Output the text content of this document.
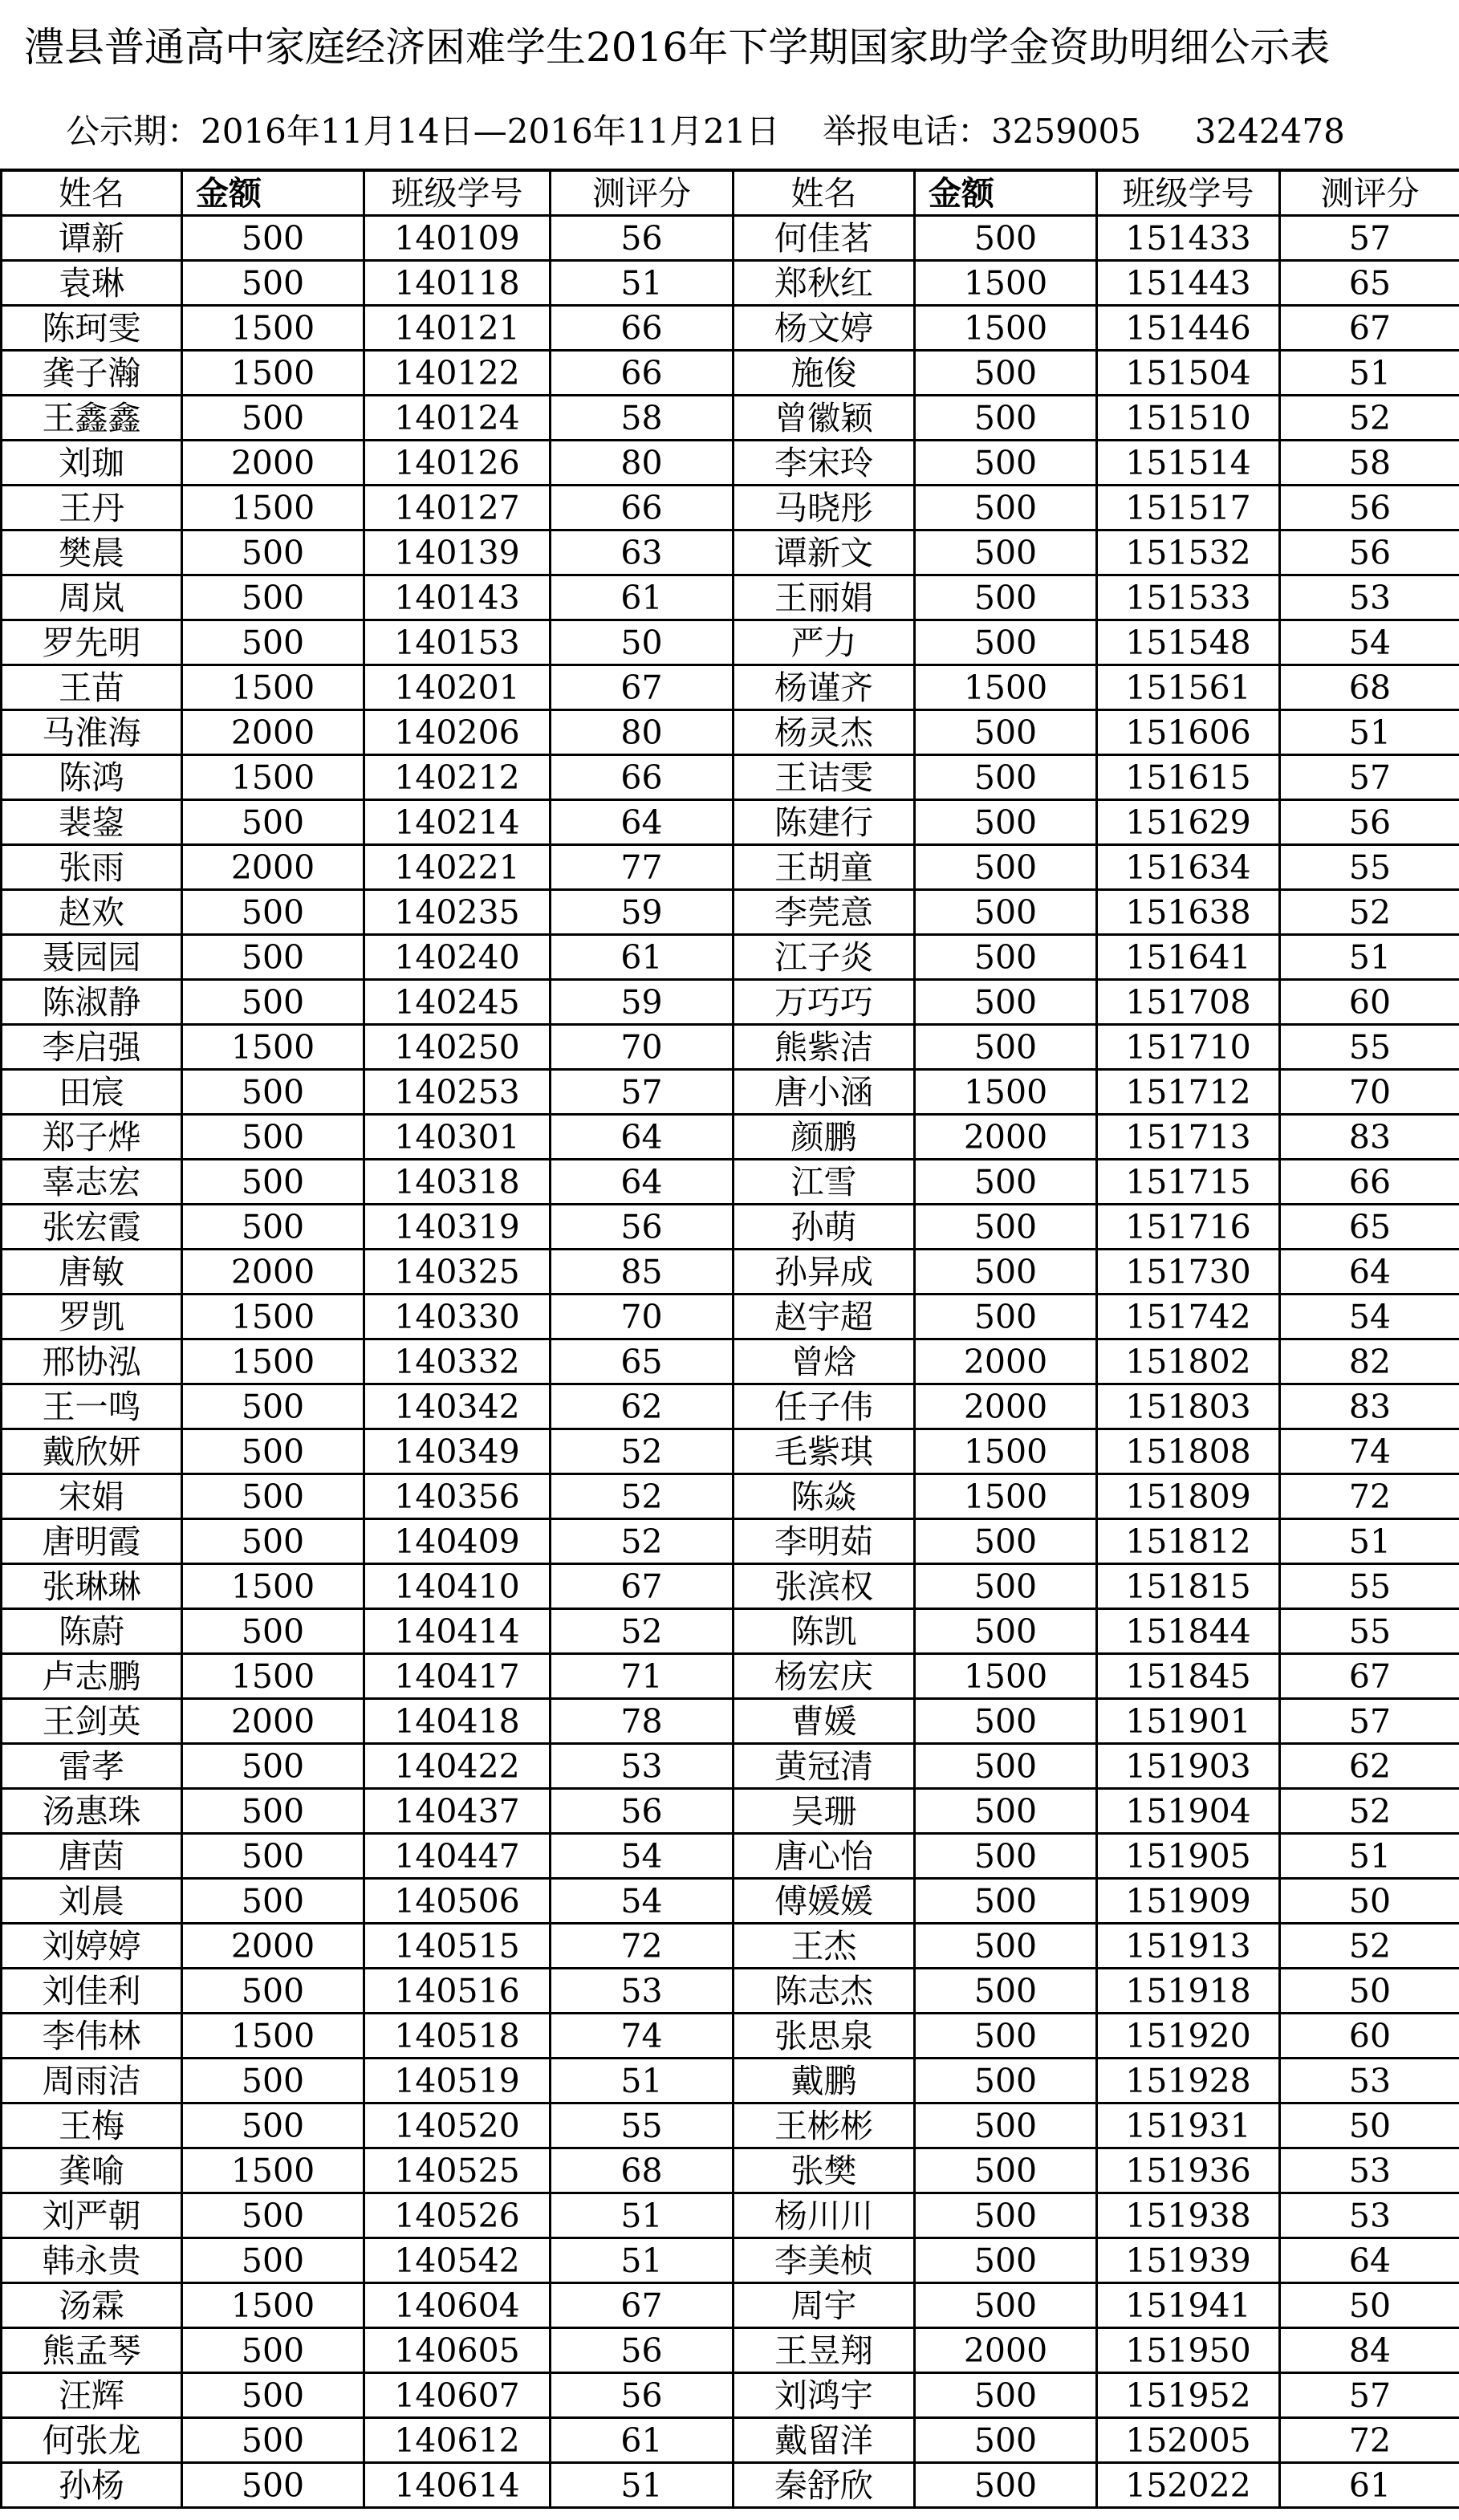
澧县普通高中家庭经济困难学生2016年下学期国家助学金资助明细公示表
公示期：2016年11月14日—2016年11月21日    举报电话：3259005     3242478
姓名	金额	班级学号	测评分	姓名	金额	班级学号	测评分
谭新	500	140109	56	何佳茗	500	151433	57
袁琳	500	140118	51	郑秋红	1500	151443	65
陈珂雯	1500	140121	66	杨文婷	1500	151446	67
龚子瀚	1500	140122	66	施俊	500	151504	51
王鑫鑫	500	140124	58	曾徽颖	500	151510	52
刘珈	2000	140126	80	李宋玲	500	151514	58
王丹	1500	140127	66	马晓彤	500	151517	56
樊晨	500	140139	63	谭新文	500	151532	56
周岚	500	140143	61	王丽娟	500	151533	53
罗先明	500	140153	50	严力	500	151548	54
王苗	1500	140201	67	杨谨齐	1500	151561	68
马淮海	2000	140206	80	杨灵杰	500	151606	51
陈鸿	1500	140212	66	王诘雯	500	151615	57
裴鋆	500	140214	64	陈建行	500	151629	56
张雨	2000	140221	77	王胡童	500	151634	55
赵欢	500	140235	59	李莞意	500	151638	52
聂园园	500	140240	61	江子炎	500	151641	51
陈淑静	500	140245	59	万巧巧	500	151708	60
李启强	1500	140250	70	熊紫洁	500	151710	55
田宸	500	140253	57	唐小涵	1500	151712	70
郑子烨	500	140301	64	颜鹏	2000	151713	83
辜志宏	500	140318	64	江雪	500	151715	66
张宏霞	500	140319	56	孙萌	500	151716	65
唐敏	2000	140325	85	孙异成	500	151730	64
罗凯	1500	140330	70	赵宇超	500	151742	54
邢协泓	1500	140332	65	曾焓	2000	151802	82
王一鸣	500	140342	62	任子伟	2000	151803	83
戴欣妍	500	140349	52	毛紫琪	1500	151808	74
宋娟	500	140356	52	陈焱	1500	151809	72
唐明霞	500	140409	52	李明茹	500	151812	51
张琳琳	1500	140410	67	张滨权	500	151815	55
陈蔚	500	140414	52	陈凯	500	151844	55
卢志鹏	1500	140417	71	杨宏庆	1500	151845	67
王剑英	2000	140418	78	曹媛	500	151901	57
雷孝	500	140422	53	黄冠清	500	151903	62
汤惠珠	500	140437	56	吴珊	500	151904	52
唐茵	500	140447	54	唐心怡	500	151905	51
刘晨	500	140506	54	傅媛媛	500	151909	50
刘婷婷	2000	140515	72	王杰	500	151913	52
刘佳利	500	140516	53	陈志杰	500	151918	50
李伟林	1500	140518	74	张思泉	500	151920	60
周雨洁	500	140519	51	戴鹏	500	151928	53
王梅	500	140520	55	王彬彬	500	151931	50
龚喻	1500	140525	68	张樊	500	151936	53
刘严朝	500	140526	51	杨川川	500	151938	53
韩永贵	500	140542	51	李美桢	500	151939	64
汤霖	1500	140604	67	周宇	500	151941	50
熊孟琴	500	140605	56	王昱翔	2000	151950	84
汪辉	500	140607	56	刘鸿宇	500	151952	57
何张龙	500	140612	61	戴留洋	500	152005	72
孙杨	500	140614	51	秦舒欣	500	152022	61
